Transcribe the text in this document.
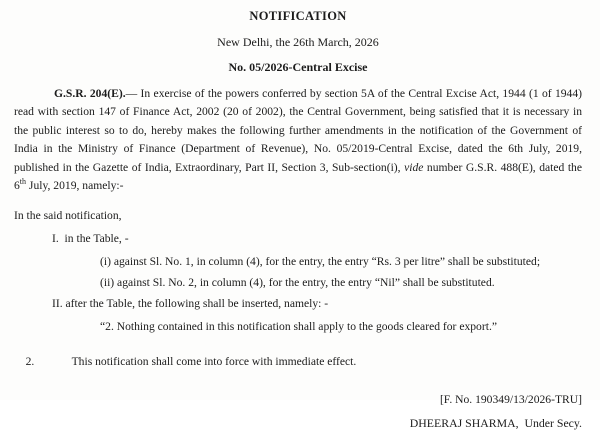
NOTIFICATION
New Delhi, the 26th March, 2026
No. 05/2026-Central Excise

G.S.R. 204(E).— In exercise of the powers conferred by section 5A of the Central Excise Act, 1944 (1 of 1944) read with section 147 of Finance Act, 2002 (20 of 2002), the Central Government, being satisfied that it is necessary in the public interest so to do, hereby makes the following further amendments in the notification of the Government of India in the Ministry of Finance (Department of Revenue), No. 05/2019-Central Excise, dated the 6th July, 2019, published in the Gazette of India, Extraordinary, Part II, Section 3, Sub-section(i), vide number G.S.R. 488(E), dated the 6th July, 2019, namely:-

In the said notification,
I.  in the Table, -
(i) against Sl. No. 1, in column (4), for the entry, the entry “Rs. 3 per litre” shall be substituted;
(ii) against Sl. No. 2, in column (4), for the entry, the entry “Nil” shall be substituted.
II. after the Table, the following shall be inserted, namely: -
“2. Nothing contained in this notification shall apply to the goods cleared for export.”

2.	This notification shall come into force with immediate effect.

[F. No. 190349/13/2026-TRU]
DHEERAJ SHARMA,  Under Secy.
